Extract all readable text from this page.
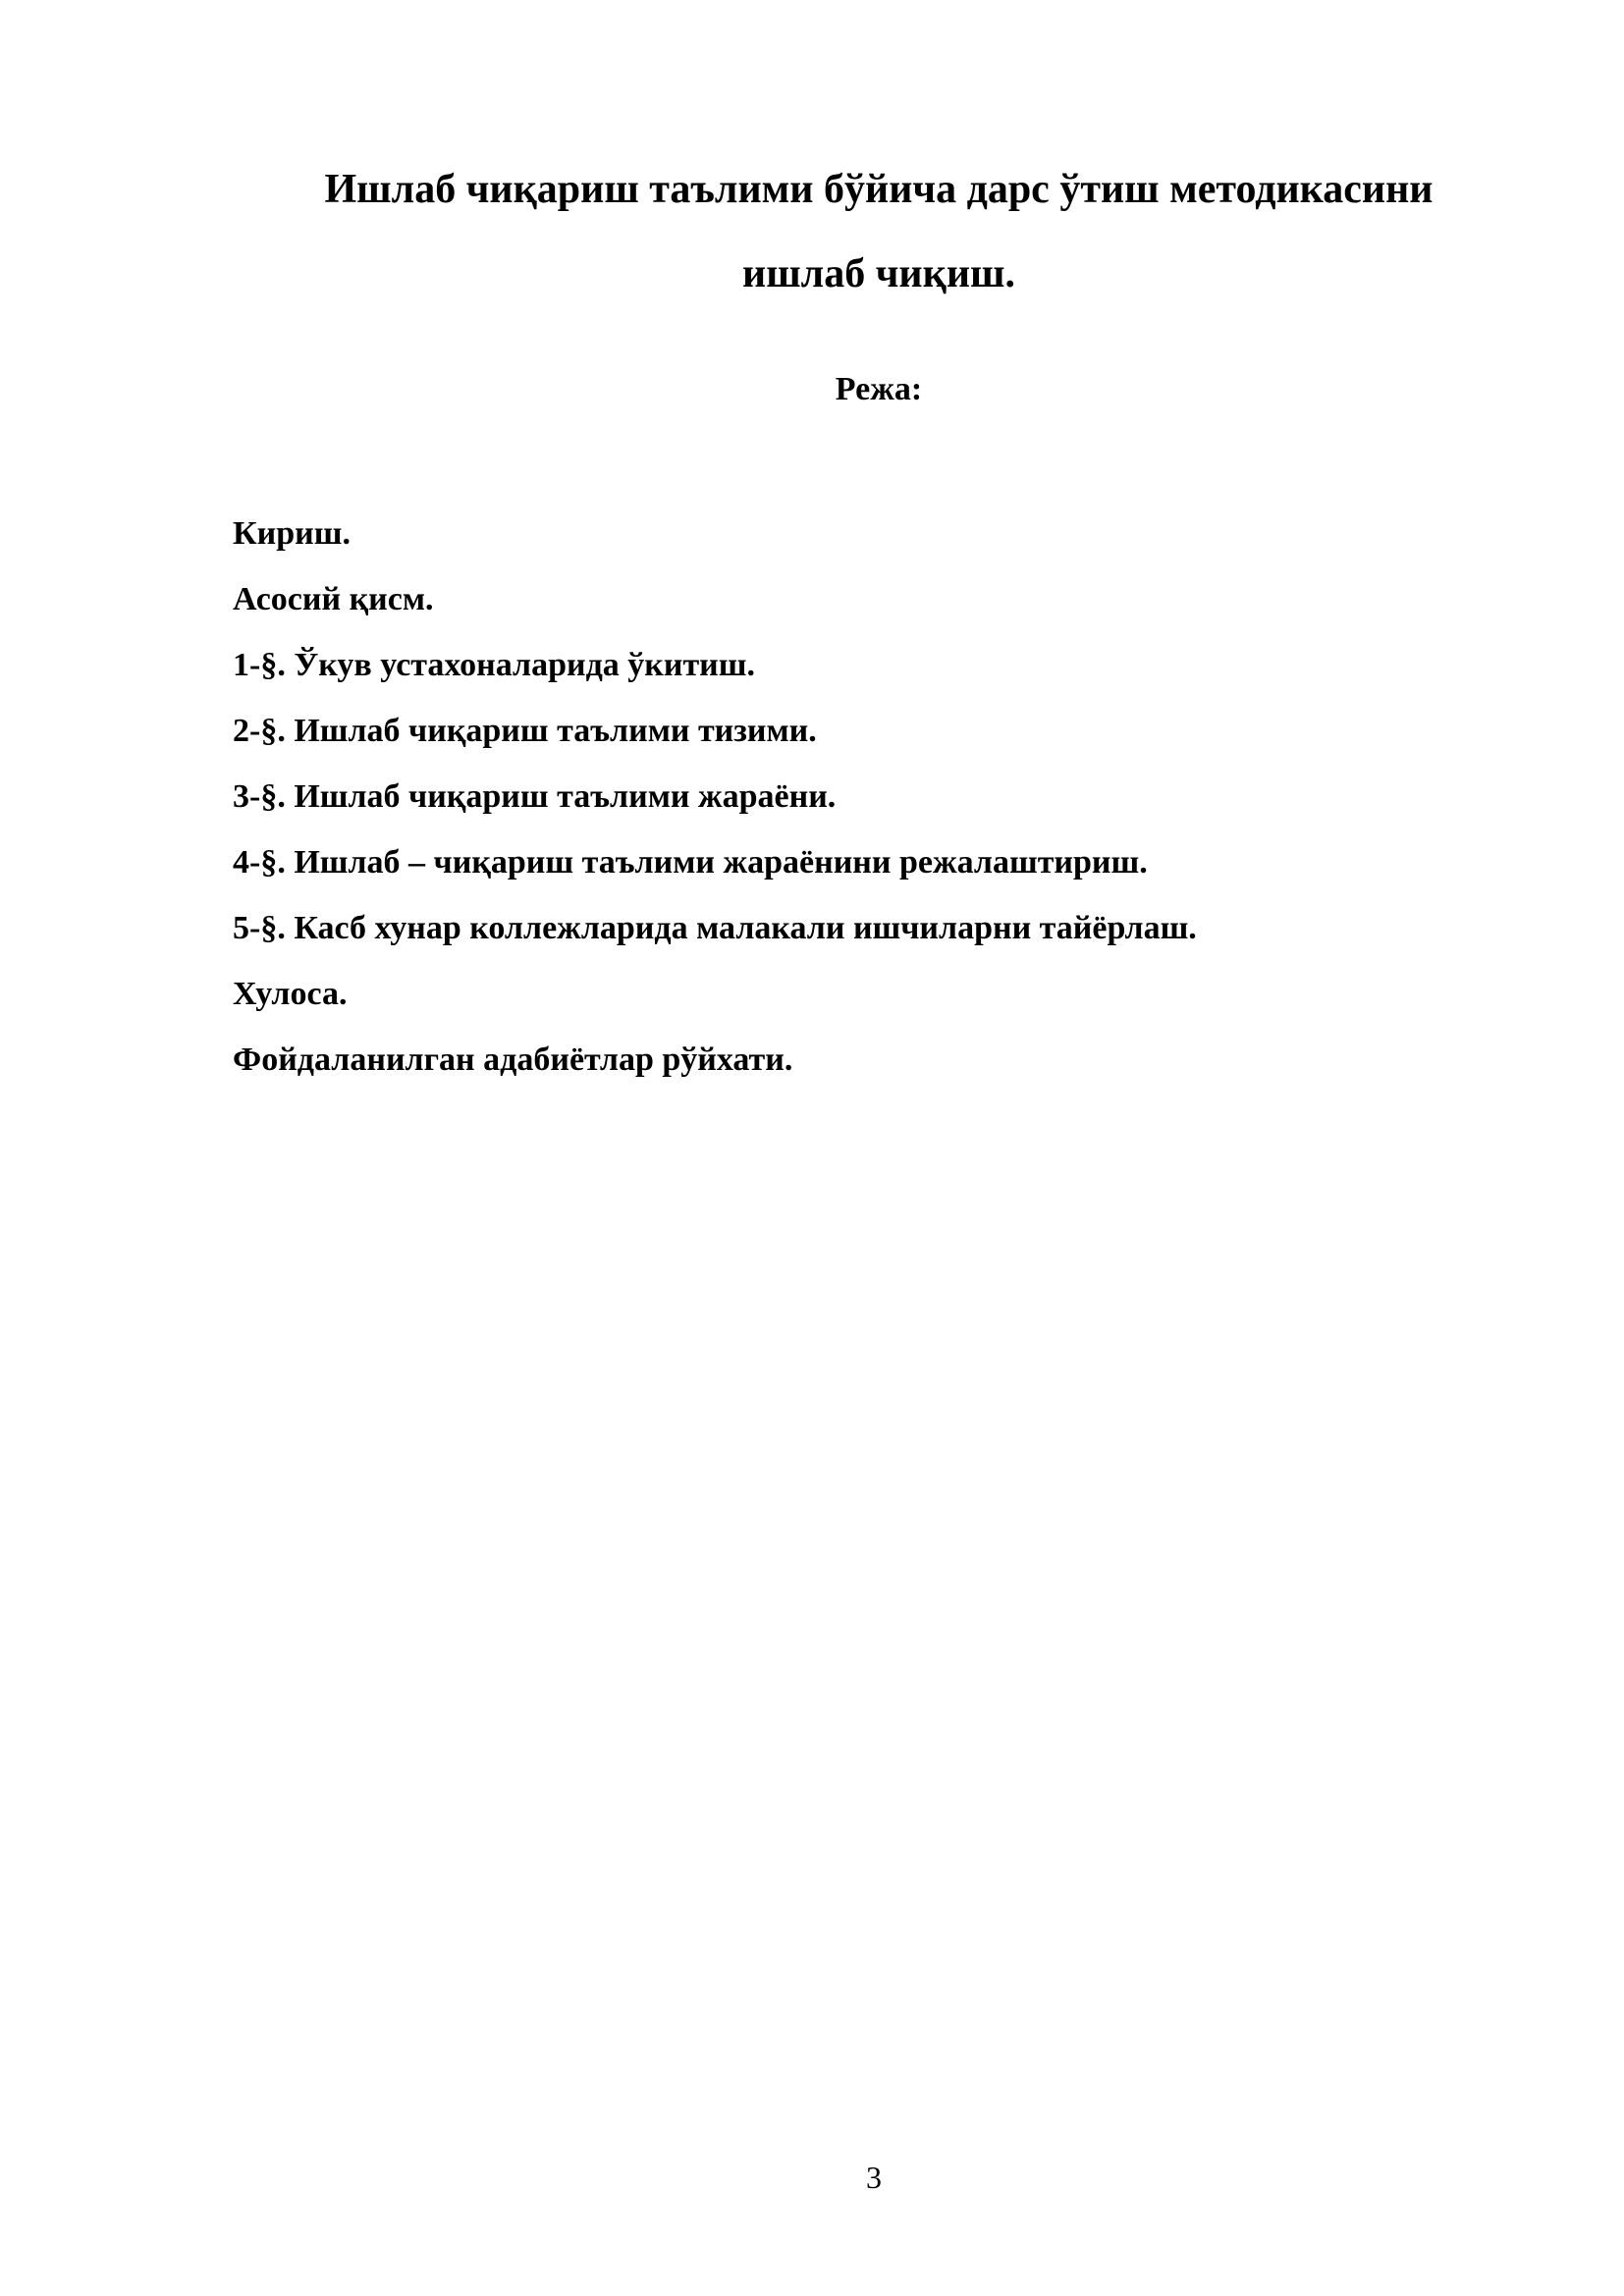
Ишлаб чиқариш таълими бўйича дарс ўтиш методикасини
ишлаб чиқиш.
Режа:
Кириш.
Асосий қисм.
1-§. Ўкув устахоналарида ўкитиш.
2-§. Ишлаб чиқариш таълими тизими.
3-§. Ишлаб чиқариш таълими жараёни.
4-§. Ишлаб – чиқариш таълими жараёнини режалаштириш.
5-§. Касб хунар коллежларида малакали ишчиларни тайёрлаш.
Хулоса.
Фойдаланилган адабиётлар рўйхати.
3
